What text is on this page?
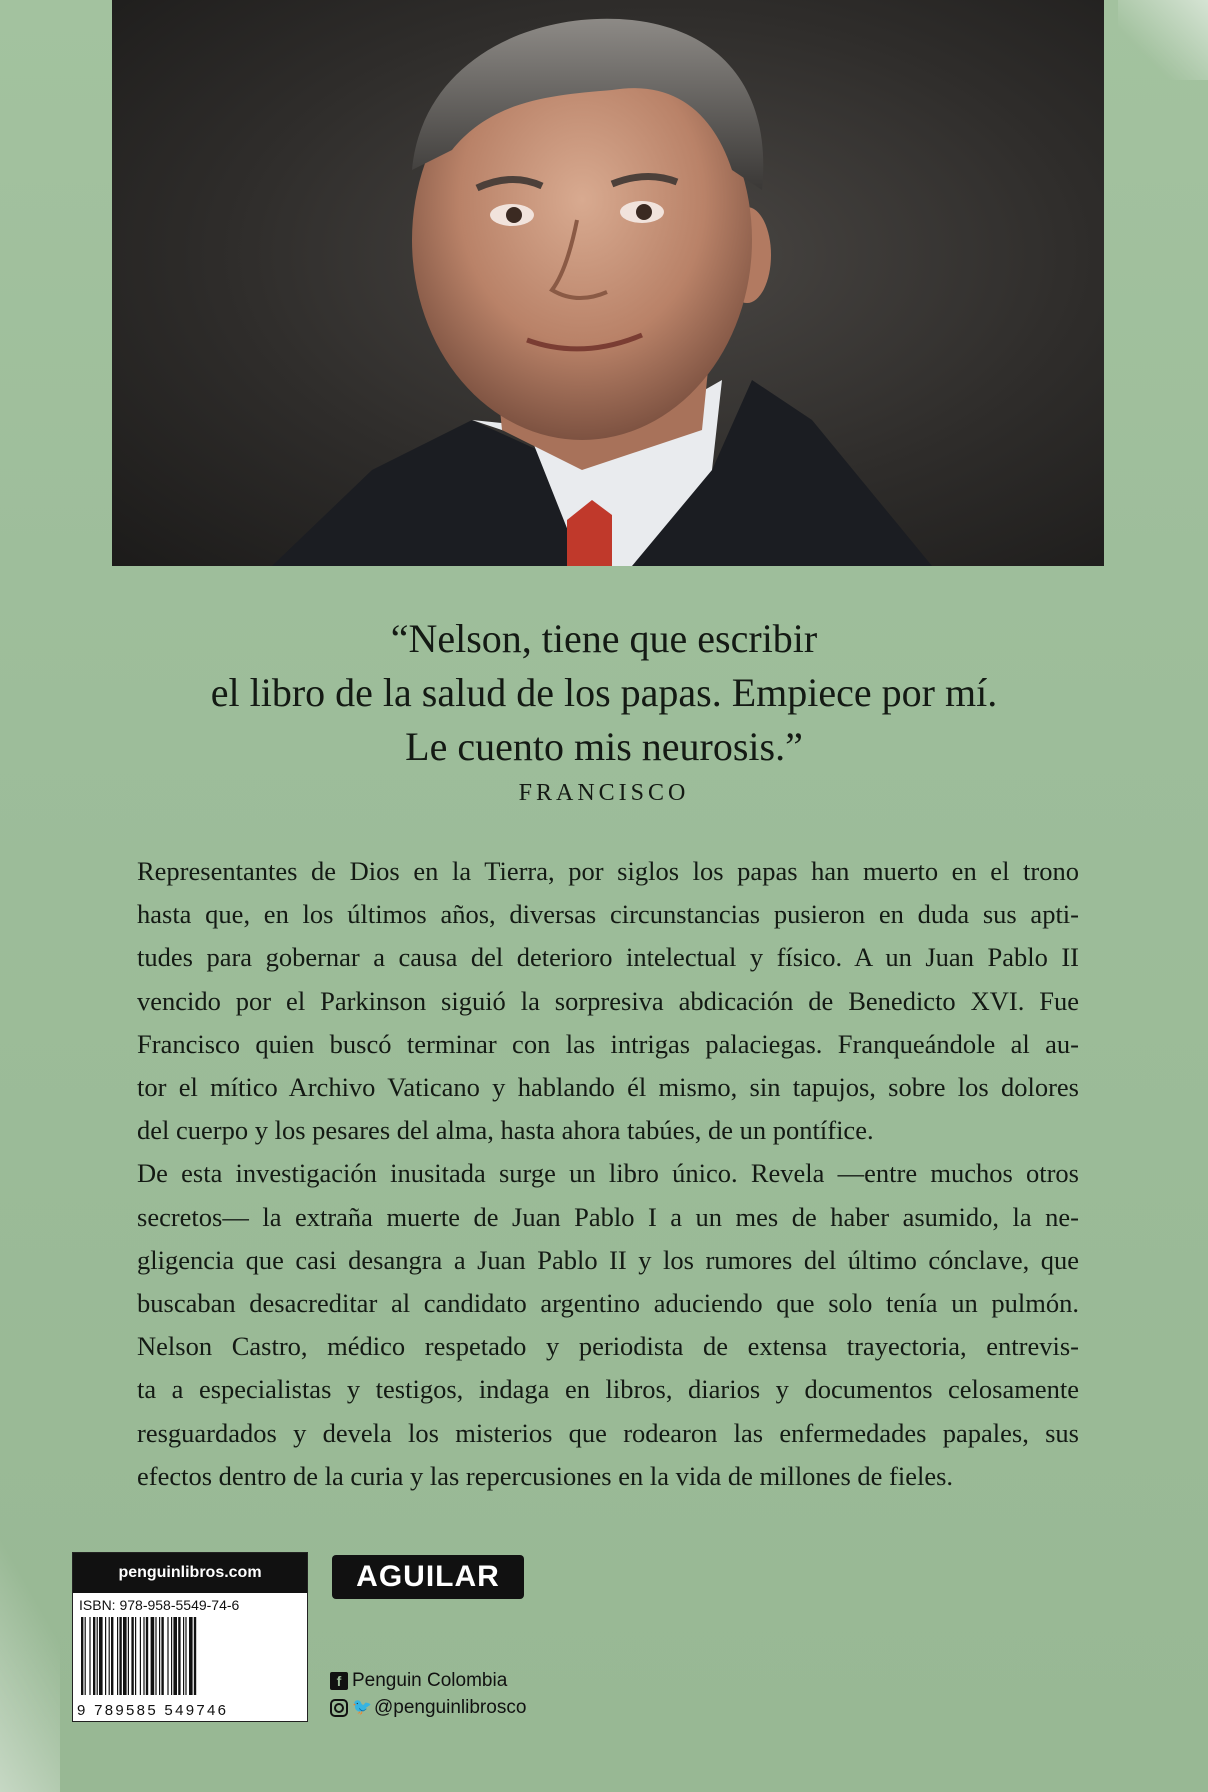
“Nelson, tiene que escribir
el libro de la salud de los papas. Empiece por mí.
Le cuento mis neurosis.”
FRANCISCO

Representantes de Dios en la Tierra, por siglos los papas han muerto en el trono
hasta que, en los últimos años, diversas circunstancias pusieron en duda sus apti-
tudes para gobernar a causa del deterioro intelectual y físico. A un Juan Pablo II
vencido por el Parkinson siguió la sorpresiva abdicación de Benedicto XVI. Fue
Francisco quien buscó terminar con las intrigas palaciegas. Franqueándole al au-
tor el mítico Archivo Vaticano y hablando él mismo, sin tapujos, sobre los dolores
del cuerpo y los pesares del alma, hasta ahora tabúes, de un pontífice.

De esta investigación inusitada surge un libro único. Revela —entre muchos otros
secretos— la extraña muerte de Juan Pablo I a un mes de haber asumido, la ne-
gligencia que casi desangra a Juan Pablo II y los rumores del último cónclave, que
buscaban desacreditar al candidato argentino aduciendo que solo tenía un pulmón.
Nelson Castro, médico respetado y periodista de extensa trayectoria, entrevis-
ta a especialistas y testigos, indaga en libros, diarios y documentos celosamente
resguardados y devela los misterios que rodearon las enfermedades papales, sus
efectos dentro de la curia y las repercusiones en la vida de millones de fieles.

penguinlibros.com
ISBN: 978-958-5549-74-6
9 789585 549746
AGUILAR
f Penguin Colombia
🐦 @penguinlibrosco
